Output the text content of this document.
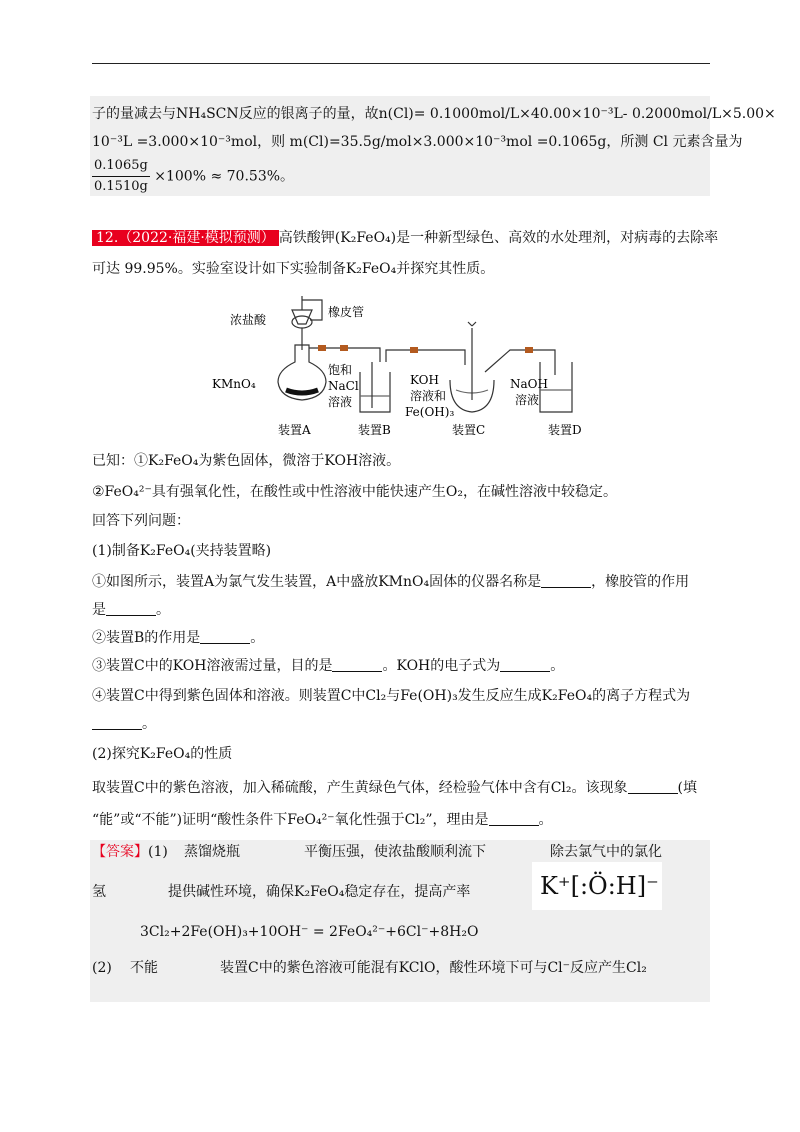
子的量减去与NH₄SCN反应的银离子的量，故n(Cl)= 0.1000mol/L×40.00×10⁻³L- 0.2000mol/L×5.00×
10⁻³L =3.000×10⁻³mol，则 m(Cl)=35.5g/mol×3.000×10⁻³mol =0.1065g，所测 Cl 元素含量为
$\frac{0.1065g}{0.1510g} \times 100\% \approx 70.53\%$。
12.（2022·福建·模拟预测） 高铁酸钾(K₂FeO₄)是一种新型绿色、高效的水处理剂，对病毒的去除率
可达 99.95%。实验室设计如下实验制备K₂FeO₄并探究其性质。
浓盐酸
橡皮管
KMnO₄
饱和
NaCl
溶液
KOH
溶液和
Fe(OH)₃
NaOH
溶液
装置A	装置B	装置C	装置D
已知：①K₂FeO₄为紫色固体，微溶于KOH溶液。
②FeO₄²⁻具有强氧化性，在酸性或中性溶液中能快速产生O₂，在碱性溶液中较稳定。
回答下列问题：
(1)制备K₂FeO₄(夹持装置略)
①如图所示，装置A为氯气发生装置，A中盛放KMnO₄固体的仪器名称是	，橡胶管的作用
是	。
②装置B的作用是	。
③装置C中的KOH溶液需过量，目的是	。KOH的电子式为	。
④装置C中得到紫色固体和溶液。则装置C中Cl₂与Fe(OH)₃发生反应生成K₂FeO₄的离子方程式为
。
(2)探究K₂FeO₄的性质
取装置C中的紫色溶液，加入稀硫酸，产生黄绿色气体，经检验气体中含有Cl₂。该现象	(填
“能”或“不能”)证明“酸性条件下FeO₄²⁻氧化性强于Cl₂”，理由是	。
【答案】(1) 蒸馏烧瓶	平衡压强，使浓盐酸顺利流下	除去氯气中的氯化
氢	提供碱性环境，确保K₂FeO₄稳定存在，提高产率	K⁺[:Ö:H]⁻
3Cl₂+2Fe(OH)₃+10OH⁻ = 2FeO₄²⁻+6Cl⁻+8H₂O
(2) 不能	装置C中的紫色溶液可能混有KClO，酸性环境下可与Cl⁻反应产生Cl₂
